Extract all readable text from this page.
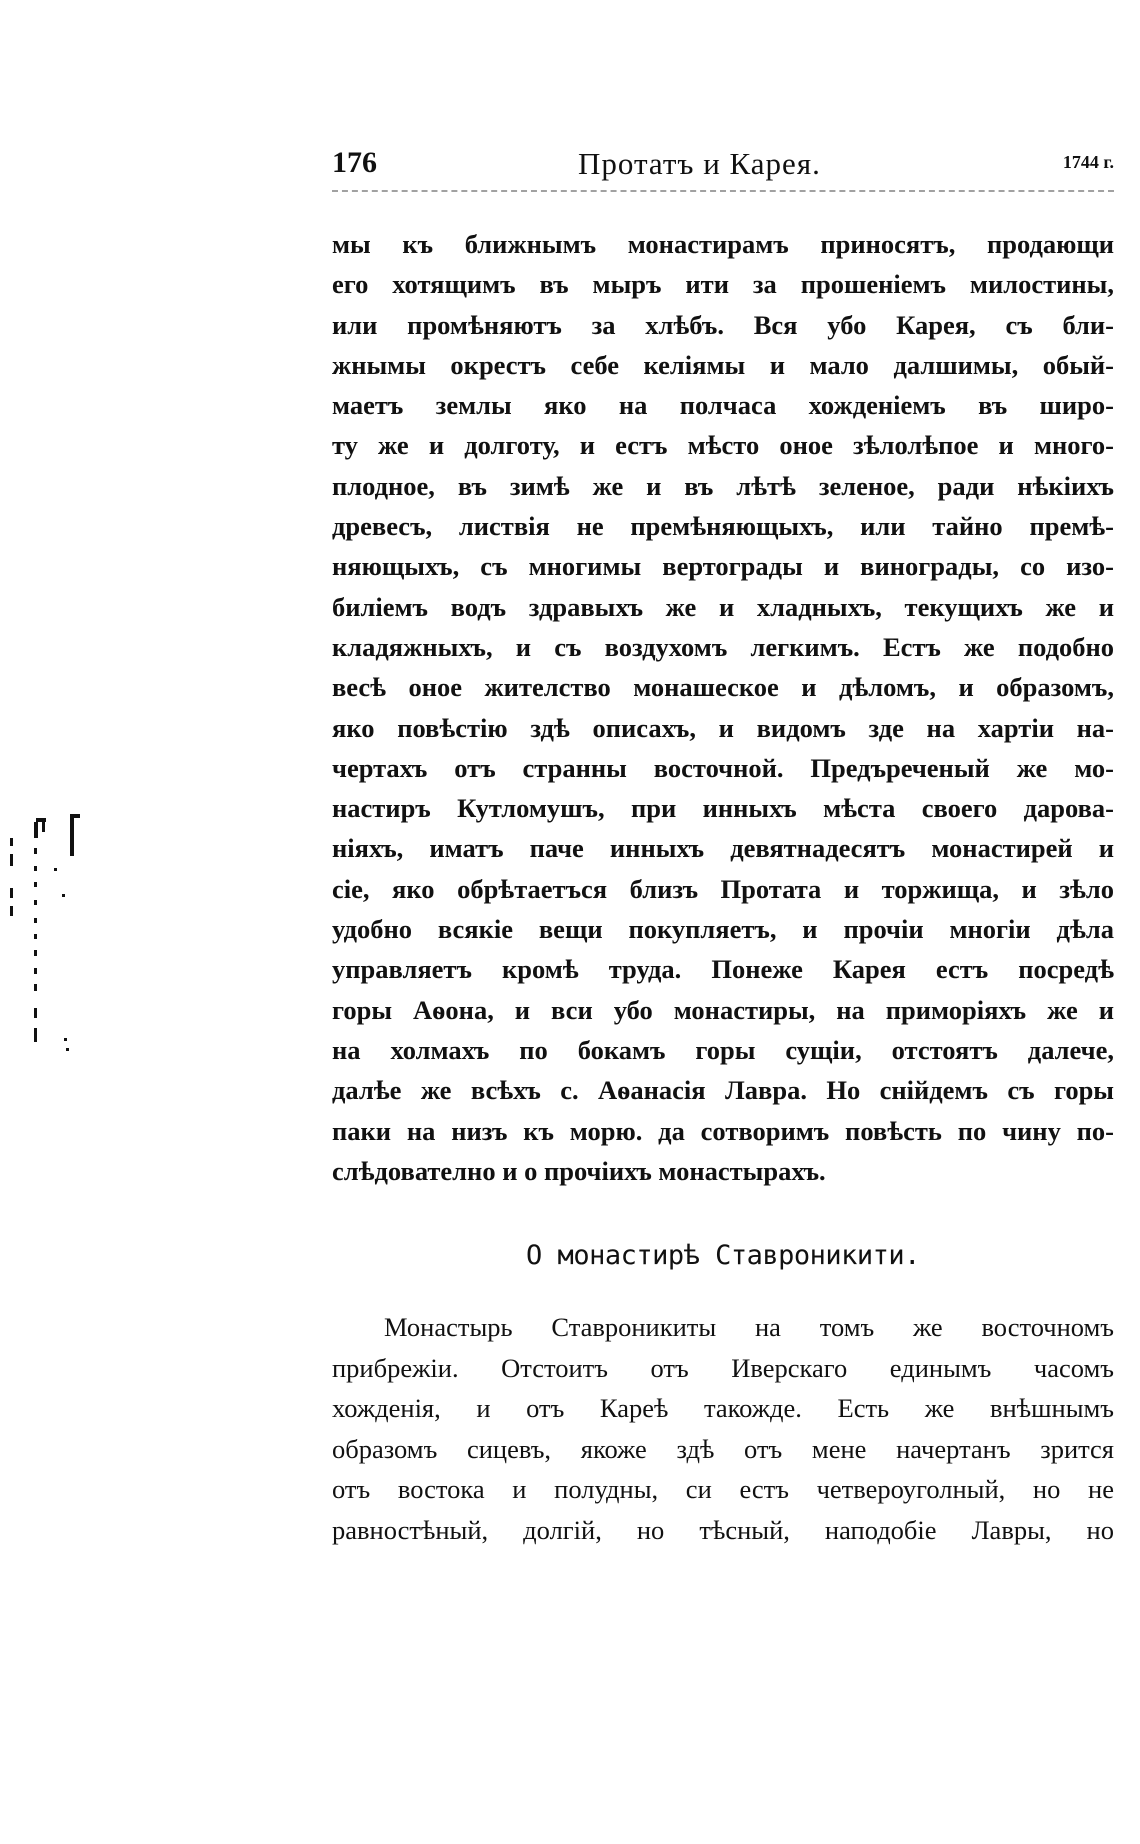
176	Протатъ и Карея.	1744 г.
мы къ ближнымъ монастирамъ приносятъ, продающи
его хотящимъ въ мыръ ити за прошеніемъ милостины,
или промѣняютъ за хлѣбъ. Вся убо Карея, съ бли-
жнымы окрестъ себе келіямы и мало далшимы, обый-
маетъ землы яко на полчаса хожденіемъ въ широ-
ту же и долготу, и естъ мѣсто оное зѣлолѣпое и много-
плодное, въ зимѣ же и въ лѣтѣ зеленое, ради нѣкіихъ
древесъ, листвія не премѣняющыхъ, или тайно премѣ-
няющыхъ, съ многимы вертограды и винограды, со изо-
биліемъ водъ здравыхъ же и хладныхъ, текущихъ же и
кладяжныхъ, и съ воздухомъ легкимъ. Естъ же подобно
весѣ оное жителство монашеское и дѣломъ, и образомъ,
яко повѣстію здѣ описахъ, и видомъ зде на хартіи на-
чертахъ отъ странны восточной. Предъреченый же мо-
настиръ Кутломушъ, при инныхъ мѣста своего дарова-
ніяхъ, иматъ паче инныхъ девятнадесятъ монастирей и
сіе, яко обрѣтаетъся близъ Протата и торжища, и зѣло
удобно всякіе вещи покупляетъ, и прочіи многіи дѣла
управляетъ кромѣ труда. Понеже Карея естъ посредѣ
горы Аѳона, и вси убо монастиры, на приморіяхъ же и
на холмахъ по бокамъ горы сущіи, отстоятъ далече,
далѣе же всѣхъ с. Аѳанасія Лавра. Но снійдемъ съ горы
паки на низъ къ морю. да сотворимъ повѣсть по чину по-
слѣдователно и о прочіихъ монастырахъ.
О монастирѣ Ставроникити.
Монастырь Ставроникиты на томъ же восточномъ
прибрежіи. Отстоитъ отъ Иверскаго единымъ часомъ
хожденія, и отъ Кареѣ такожде. Есть же внѣшнымъ
образомъ сицевъ, якоже здѣ отъ мене начертанъ зрится
отъ востока и полудны, си естъ четвероуголный, но не
равностѣный, долгій, но тѣсный, наподобіе Лавры, но
